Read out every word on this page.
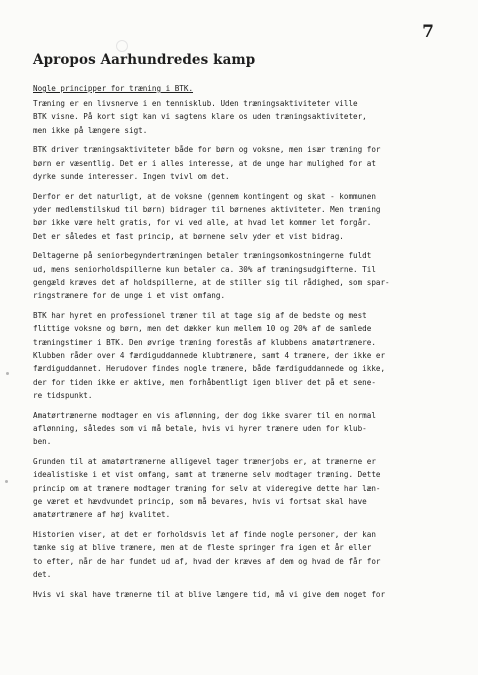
7
Apropos Aarhundredes kamp
Nogle principper for træning i BTK.
Træning er en livsnerve i en tennisklub. Uden træningsaktiviteter ville
BTK visne. På kort sigt kan vi sagtens klare os uden træningsaktiviteter,
men ikke på længere sigt.
BTK driver træningsaktiviteter både for børn og voksne, men især træning for
børn er væsentlig. Det er i alles interesse, at de unge har mulighed for at
dyrke sunde interesser. Ingen tvivl om det.
Derfor er det naturligt, at de voksne (gennem kontingent og skat - kommunen
yder medlemstilskud til børn) bidrager til børnenes aktiviteter. Men træning
bør ikke være helt gratis, for vi ved alle, at hvad let kommer let forgår.
Det er således et fast princip, at børnene selv yder et vist bidrag.
Deltagerne på seniorbegyndertræningen betaler træningsomkostningerne fuldt
ud, mens seniorholdspillerne kun betaler ca. 30% af træningsudgifterne. Til
gengæld kræves det af holdspillerne, at de stiller sig til rådighed, som spar-
ringstrænere for de unge i et vist omfang.
BTK har hyret en professionel træner til at tage sig af de bedste og mest
flittige voksne og børn, men det dækker kun mellem 10 og 20% af de samlede
træningstimer i BTK. Den øvrige træning forestås af klubbens amatørtrænere.
Klubben råder over 4 færdiguddannede klubtrænere, samt 4 trænere, der ikke er
færdiguddannet. Herudover findes nogle trænere, både færdiguddannede og ikke,
der for tiden ikke er aktive, men forhåbentligt igen bliver det på et sene-
re tidspunkt.
Amatørtrænerne modtager en vis aflønning, der dog ikke svarer til en normal
aflønning, således som vi må betale, hvis vi hyrer trænere uden for klub-
ben.
Grunden til at amatørtrænerne alligevel tager trænerjobs er, at trænerne er
idealistiske i et vist omfang, samt at trænerne selv modtager træning. Dette
princip om at trænere modtager træning for selv at videregive dette har læn-
ge været et hævdvundet princip, som må bevares, hvis vi fortsat skal have
amatørtrænere af høj kvalitet.
Historien viser, at det er forholdsvis let af finde nogle personer, der kan
tænke sig at blive trænere, men at de fleste springer fra igen et år eller
to efter, når de har fundet ud af, hvad der kræves af dem og hvad de får for
det.
Hvis vi skal have trænerne til at blive længere tid, må vi give dem noget for
